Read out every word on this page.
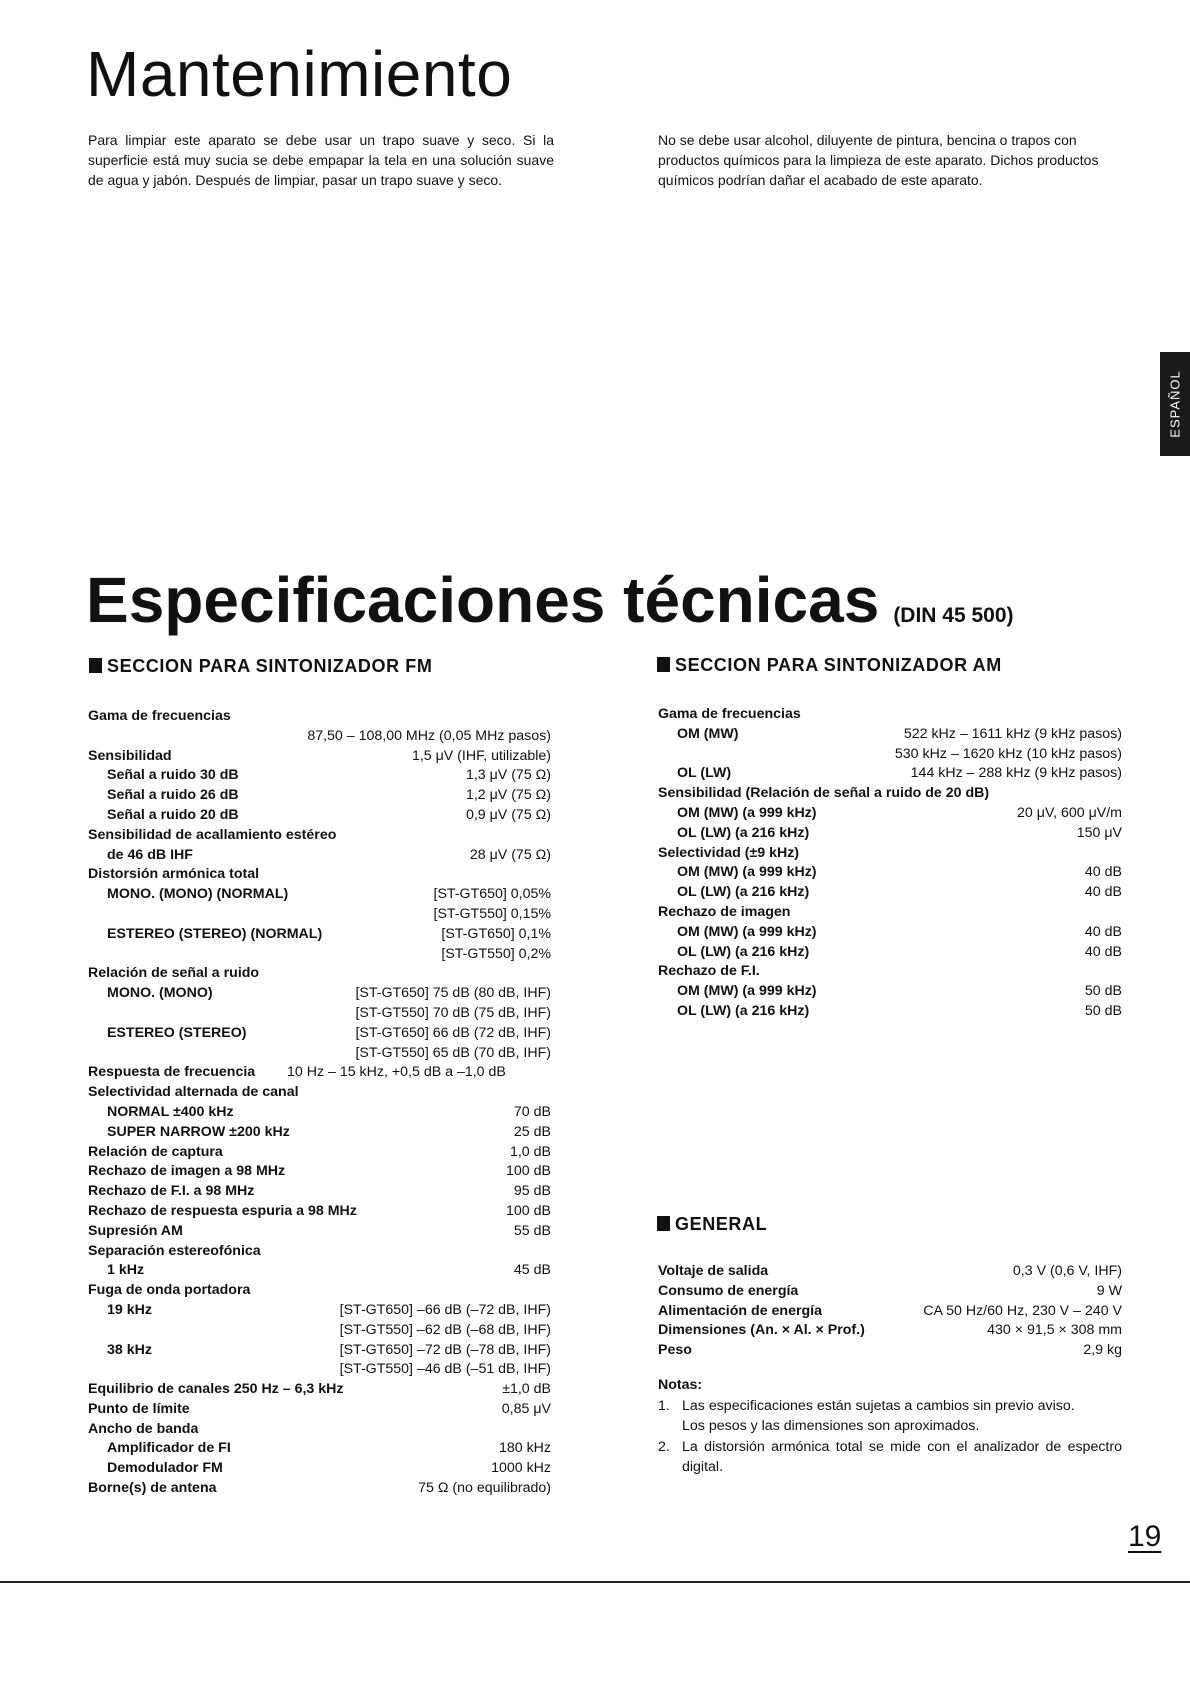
Mantenimiento
Para limpiar este aparato se debe usar un trapo suave y seco. Si la superficie está muy sucia se debe empapar la tela en una solución suave de agua y jabón. Después de limpiar, pasar un trapo suave y seco.
No se debe usar alcohol, diluyente de pintura, bencina o trapos con productos químicos para la limpieza de este aparato. Dichos productos químicos podrían dañar el acabado de este aparato.
ESPAÑOL
Especificaciones técnicas (DIN 45 500)
SECCION PARA SINTONIZADOR FM
Gama de frecuencias
87,50 – 108,00 MHz (0,05 MHz pasos)
Sensibilidad	1,5 μV (IHF, utilizable)
Señal a ruido 30 dB	1,3 μV (75 Ω)
Señal a ruido 26 dB	1,2 μV (75 Ω)
Señal a ruido 20 dB	0,9 μV (75 Ω)
Sensibilidad de acallamiento estéreo
de 46 dB IHF	28 μV (75 Ω)
Distorsión armónica total
MONO. (MONO) (NORMAL)	[ST-GT650] 0,05%
[ST-GT550] 0,15%
ESTEREO (STEREO) (NORMAL)	[ST-GT650] 0,1%
[ST-GT550] 0,2%
Relación de señal a ruido
MONO. (MONO)	[ST-GT650] 75 dB (80 dB, IHF)
[ST-GT550] 70 dB (75 dB, IHF)
ESTEREO (STEREO)	[ST-GT650] 66 dB (72 dB, IHF)
[ST-GT550] 65 dB (70 dB, IHF)
Respuesta de frecuencia 10 Hz – 15 kHz, +0,5 dB a –1,0 dB
Selectividad alternada de canal
NORMAL ±400 kHz	70 dB
SUPER NARROW ±200 kHz	25 dB
Relación de captura	1,0 dB
Rechazo de imagen a 98 MHz	100 dB
Rechazo de F.I. a 98 MHz	95 dB
Rechazo de respuesta espuria a 98 MHz	100 dB
Supresión AM	55 dB
Separación estereofónica
1 kHz	45 dB
Fuga de onda portadora
19 kHz	[ST-GT650] –66 dB (–72 dB, IHF)
[ST-GT550] –62 dB (–68 dB, IHF)
38 kHz	[ST-GT650] –72 dB (–78 dB, IHF)
[ST-GT550] –46 dB (–51 dB, IHF)
Equilibrio de canales 250 Hz – 6,3 kHz	±1,0 dB
Punto de límite	0,85 μV
Ancho de banda
Amplificador de FI	180 kHz
Demodulador FM	1000 kHz
Borne(s) de antena	75 Ω (no equilibrado)
SECCION PARA SINTONIZADOR AM
Gama de frecuencias
OM (MW)	522 kHz – 1611 kHz (9 kHz pasos)
530 kHz – 1620 kHz (10 kHz pasos)
OL (LW)	144 kHz – 288 kHz (9 kHz pasos)
Sensibilidad (Relación de señal a ruido de 20 dB)
OM (MW) (a 999 kHz)	20 μV, 600 μV/m
OL (LW) (a 216 kHz)	150 μV
Selectividad (±9 kHz)
OM (MW) (a 999 kHz)	40 dB
OL (LW) (a 216 kHz)	40 dB
Rechazo de imagen
OM (MW) (a 999 kHz)	40 dB
OL (LW) (a 216 kHz)	40 dB
Rechazo de F.I.
OM (MW) (a 999 kHz)	50 dB
OL (LW) (a 216 kHz)	50 dB
GENERAL
Voltaje de salida	0,3 V (0,6 V, IHF)
Consumo de energía	9 W
Alimentación de energía	CA 50 Hz/60 Hz, 230 V – 240 V
Dimensiones (An. × Al. × Prof.)	430 × 91,5 × 308 mm
Peso	2,9 kg
Notas:
1. Las especificaciones están sujetas a cambios sin previo aviso.
Los pesos y las dimensiones son aproximados.
2. La distorsión armónica total se mide con el analizador de espectro digital.
19
